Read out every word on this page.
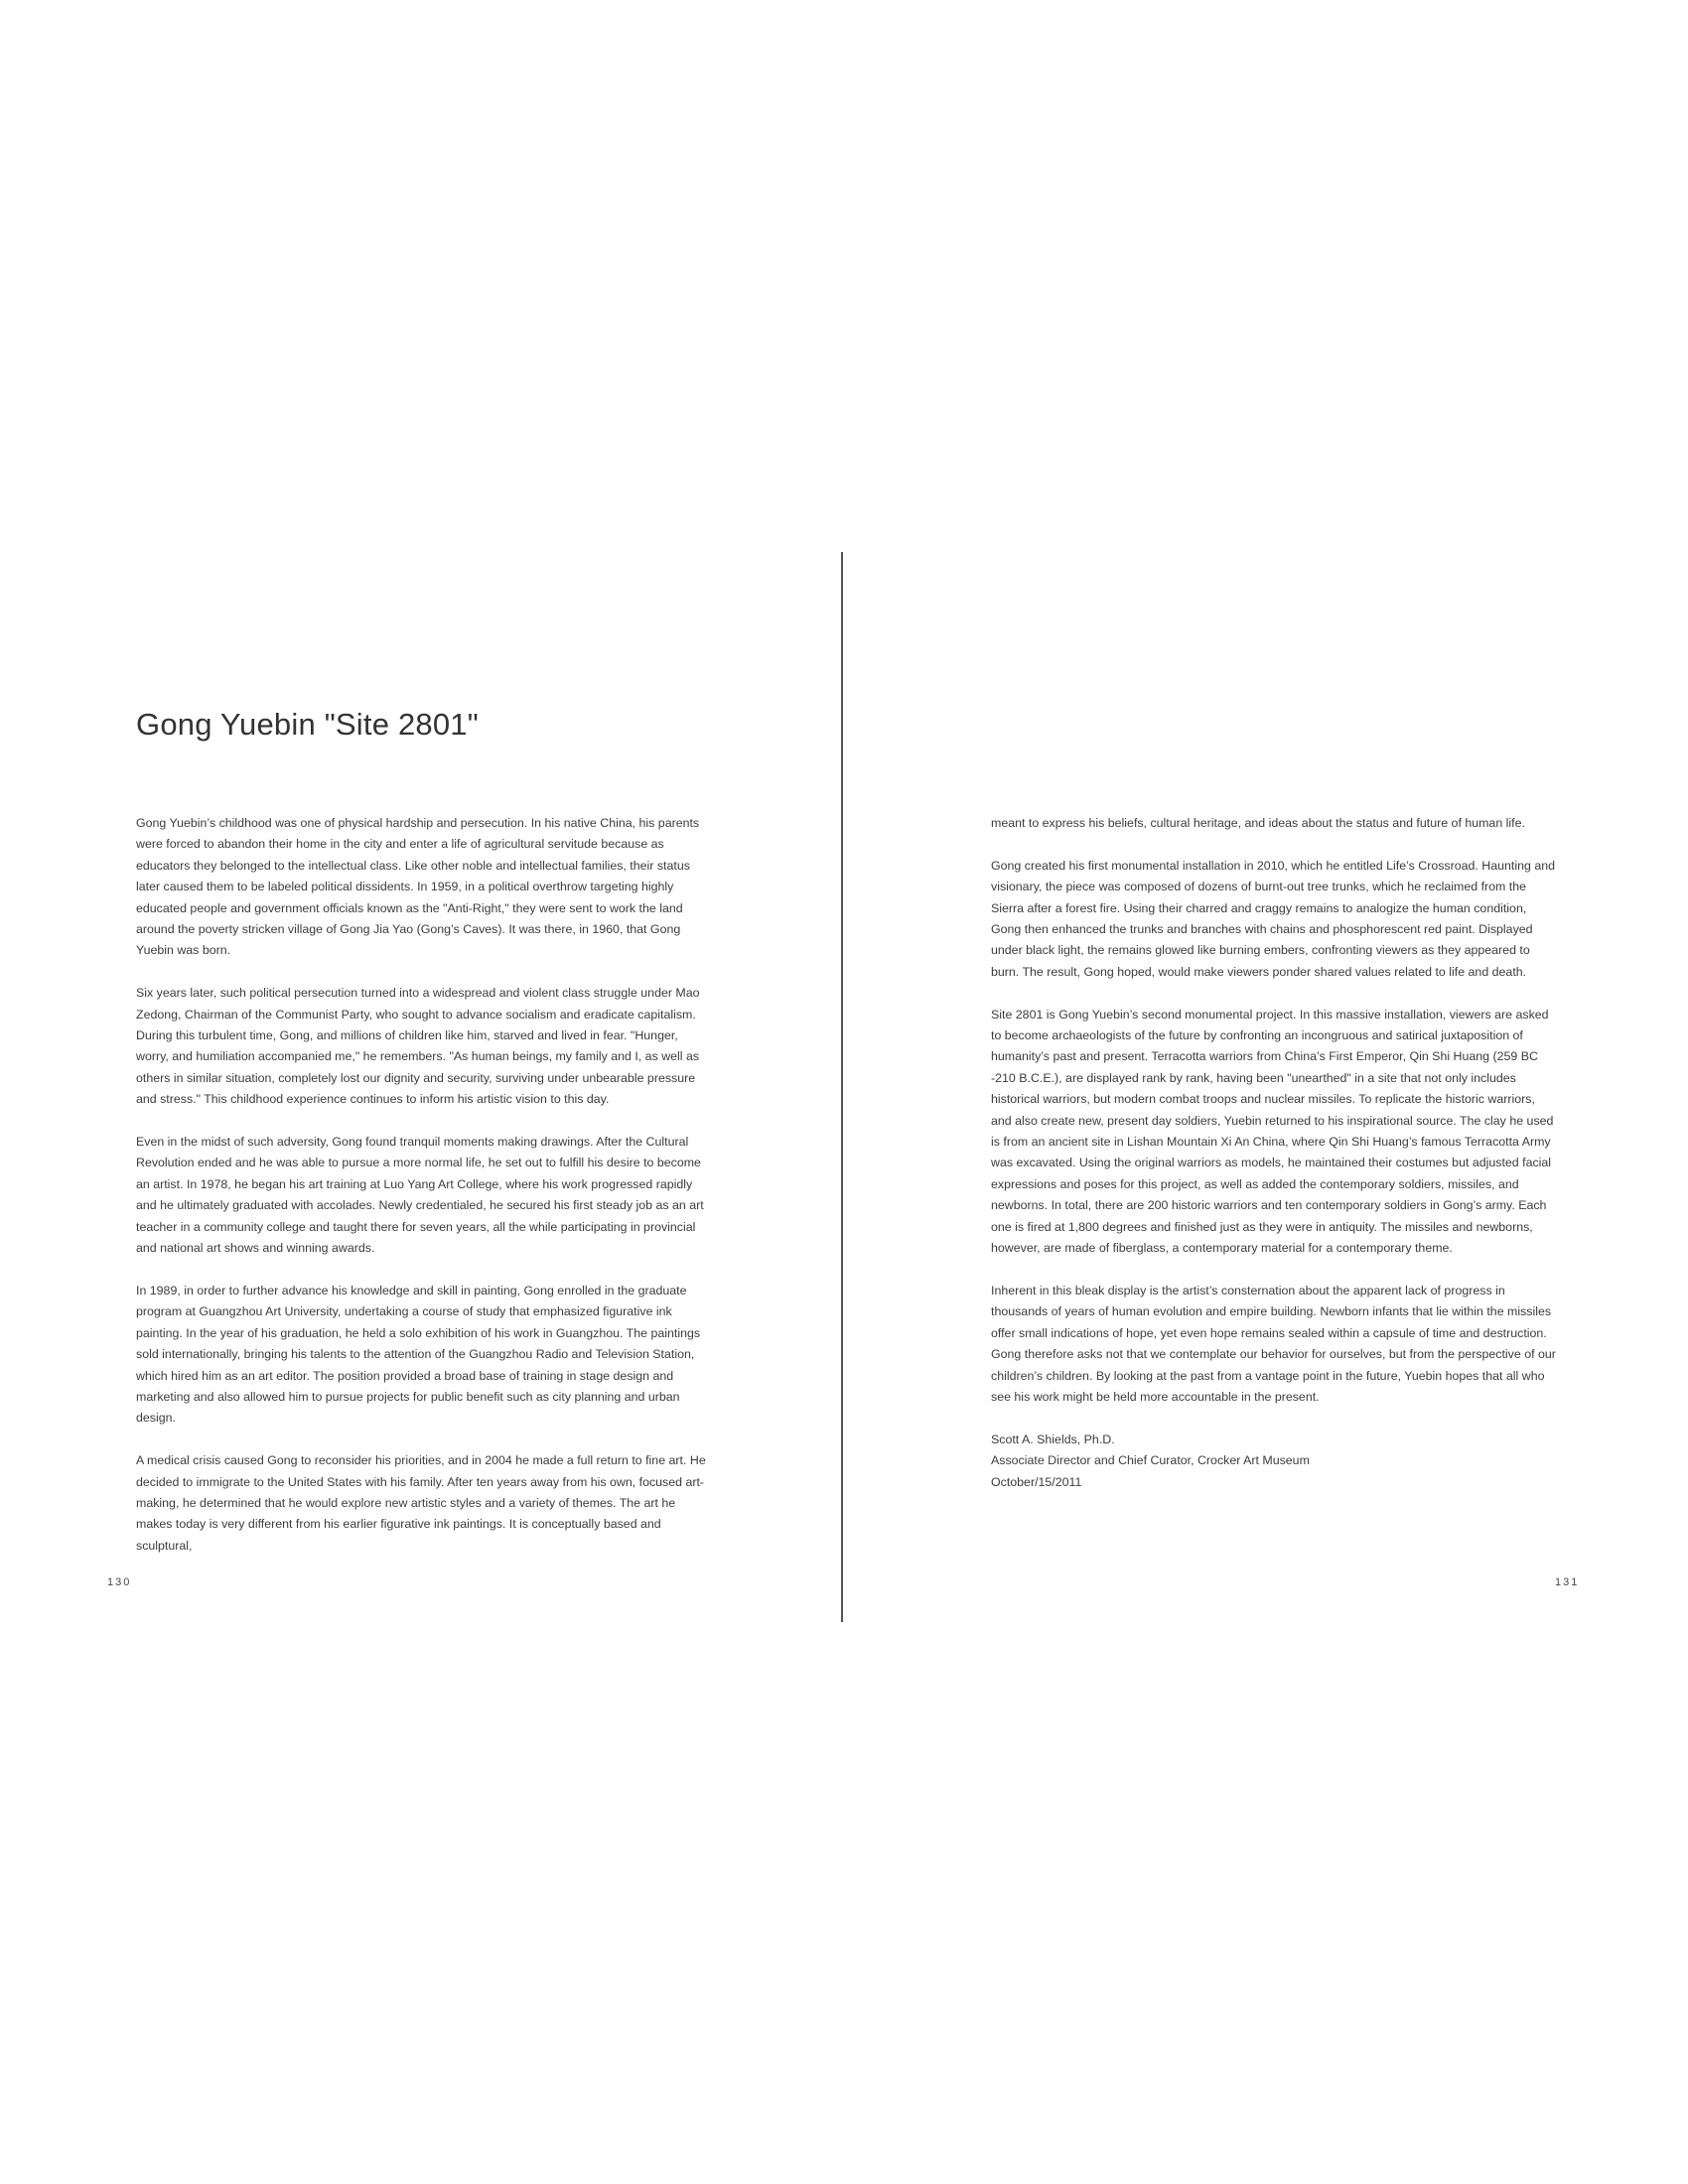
Gong Yuebin "Site 2801"

Gong Yuebin’s childhood was one of physical hardship and persecution. In his native China, his parents were forced to abandon their home in the city and enter a life of agricultural servitude because as educators they belonged to the intellectual class. Like other noble and intellectual families, their status later caused them to be labeled political dissidents. In 1959, in a political overthrow targeting highly educated people and government officials known as the "Anti-Right," they were sent to work the land around the poverty stricken village of Gong Jia Yao (Gong’s Caves). It was there, in 1960, that Gong Yuebin was born.

Six years later, such political persecution turned into a widespread and violent class struggle under Mao Zedong, Chairman of the Communist Party, who sought to advance socialism and eradicate capitalism. During this turbulent time, Gong, and millions of children like him, starved and lived in fear. "Hunger, worry, and humiliation accompanied me," he remembers. "As human beings, my family and I, as well as others in similar situation, completely lost our dignity and security, surviving under unbearable pressure and stress." This childhood experience continues to inform his artistic vision to this day.

Even in the midst of such adversity, Gong found tranquil moments making drawings. After the Cultural Revolution ended and he was able to pursue a more normal life, he set out to fulfill his desire to become an artist. In 1978, he began his art training at Luo Yang Art College, where his work progressed rapidly and he ultimately graduated with accolades. Newly credentialed, he secured his first steady job as an art teacher in a community college and taught there for seven years, all the while participating in provincial and national art shows and winning awards.

In 1989, in order to further advance his knowledge and skill in painting, Gong enrolled in the graduate program at Guangzhou Art University, undertaking a course of study that emphasized figurative ink painting. In the year of his graduation, he held a solo exhibition of his work in Guangzhou. The paintings sold internationally, bringing his talents to the attention of the Guangzhou Radio and Television Station, which hired him as an art editor. The position provided a broad base of training in stage design and marketing and also allowed him to pursue projects for public benefit such as city planning and urban design.

A medical crisis caused Gong to reconsider his priorities, and in 2004 he made a full return to fine art. He decided to immigrate to the United States with his family. After ten years away from his own, focused art-making, he determined that he would explore new artistic styles and a variety of themes. The art he makes today is very different from his earlier figurative ink paintings. It is conceptually based and sculptural,

130

meant to express his beliefs, cultural heritage, and ideas about the status and future of human life.

Gong created his first monumental installation in 2010, which he entitled Life’s Crossroad. Haunting and visionary, the piece was composed of dozens of burnt-out tree trunks, which he reclaimed from the Sierra after a forest fire. Using their charred and craggy remains to analogize the human condition, Gong then enhanced the trunks and branches with chains and phosphorescent red paint. Displayed under black light, the remains glowed like burning embers, confronting viewers as they appeared to burn. The result, Gong hoped, would make viewers ponder shared values related to life and death.

Site 2801 is Gong Yuebin’s second monumental project. In this massive installation, viewers are asked to become archaeologists of the future by confronting an incongruous and satirical juxtaposition of humanity’s past and present. Terracotta warriors from China’s First Emperor, Qin Shi Huang (259 BC -210 B.C.E.), are displayed rank by rank, having been "unearthed" in a site that not only includes historical warriors, but modern combat troops and nuclear missiles. To replicate the historic warriors, and also create new, present day soldiers, Yuebin returned to his inspirational source. The clay he used is from an ancient site in Lishan Mountain Xi An China, where Qin Shi Huang’s famous Terracotta Army was excavated. Using the original warriors as models, he maintained their costumes but adjusted facial expressions and poses for this project, as well as added the contemporary soldiers, missiles, and newborns. In total, there are 200 historic warriors and ten contemporary soldiers in Gong’s army. Each one is fired at 1,800 degrees and finished just as they were in antiquity. The missiles and newborns, however, are made of fiberglass, a contemporary material for a contemporary theme.

Inherent in this bleak display is the artist’s consternation about the apparent lack of progress in thousands of years of human evolution and empire building. Newborn infants that lie within the missiles offer small indications of hope, yet even hope remains sealed within a capsule of time and destruction. Gong therefore asks not that we contemplate our behavior for ourselves, but from the perspective of our children’s children. By looking at the past from a vantage point in the future, Yuebin hopes that all who see his work might be held more accountable in the present.

Scott A. Shields, Ph.D.
Associate Director and Chief Curator, Crocker Art Museum
October/15/2011
131
